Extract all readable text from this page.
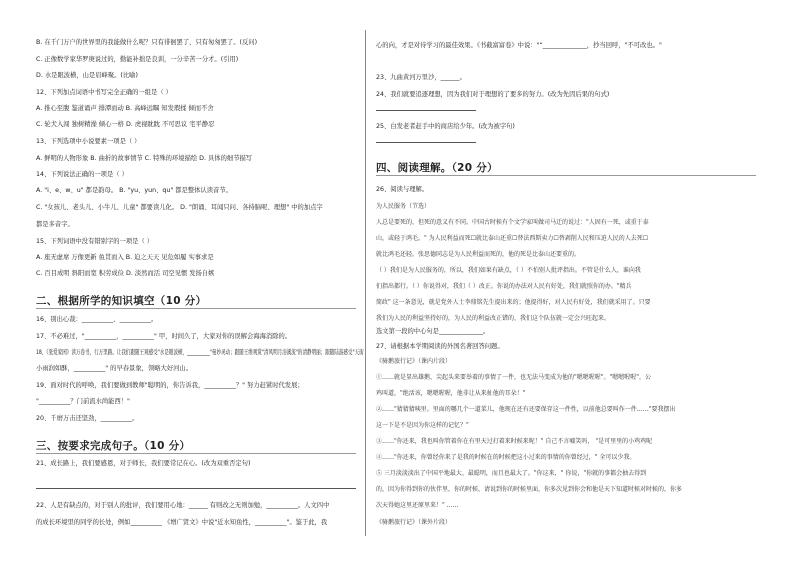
B. 在千门万户的世界里的我能做什么呢？只有徘徊罢了，只有匆匆罢了。(反问)
C. 正像数学家华罗庚说过的，勤能补拙是良训，一分辛苦一分才。(引用)
D. 水是眼波横，山是眉峰聚。(比喻)
12、下列加点词语中书写完全正确的一组是（ ）
A. 推心至腹 鉴道诵声 排潭而动 B. 高峰远瞩 知发瑕揉 倾而不舍
C. 轮犬入闯 独树精澡 倾心一格 D. 虎视眈眈 不可思议 宅平静忍
13、下列选项中小说要素一项是（ ）
A. 鲜明的人物形象 B. 曲折的故事情节 C. 特殊的环境描绘 D. 具体的细节描写
14、下列说法正确的一项是（ ）
A. "i、e、w、u" 都是韵母。 B. "yu、yun、qu" 都是整体认读音节。
C. "女孩儿、老头儿、小牛儿、儿童" 都要读儿化。 D. "朗诵、耳闻只问、各持脑呢、理想" 中的加点字
都是多音字。
15、下列词语中没有错别字的一项是（ ）
A. 座无虚席 万像更新 鱼贯而入 B. 迫之天天 见危如履 实事求是
C. 百目成明 斜阳而宽 积劳成俭 D. 淡然而活 司空见惯 发扬自嫉
16、别出心裁：__________、__________。
17、不必难过，"__________，__________" 甲，时间久了，大家对你的误解会海海消除的。
18、《张爱家园》读万卷书，行万里路。让我们跟随王观感受"水是眼波横，__________"曼妙灵动；跟随王维观赏"清风明月浴溪流"的清静明丽；跟随陆游感受"天街
小雨润如酥，__________" 的早春景象，领略大好河山。
19、面对时代的呼唤，我们要做到教师"聪明的，你告诉我，__________？" 努力赶紧时代发展；
"__________？门前流水尚能西！"
20、千磨万击还坚劲，__________。
21、成长路上，我们要感恩，对于师长，我们要常记在心。(改为双重否定句)
22、人是有缺点的，对于别人的批评，我们要用心地：______ 有则改之无则加勉，__________。人文四中
的成长环境里的同学的长处，例如__________ 《增广贤文》中说"近水知鱼性，__________"。鉴于此，我
二、根据所学的知识填空（10 分）
三、按要求完成句子。（10 分）
心的向，才是对待学习的最佳效果。《书截富富卷》中说："“______________，抄当回呼，"不可改也。"
23、九曲黄河万里沙，______。
24、我们就要追逐理想，因为我们对于理想的了要多的努力。(改为先因后果的句式)
25、白发老者赶手中的商店给少年。(改为被字句)
26、阅读与理解。
为人民服务（节选）
人总是要死的，但死的意义有不同。中国古时候有个文学家叫做司马迁的说过："人固有一死，或重于泰
山，或轻于鸿毛。" 为人民利益而死☐就比泰山还重☐替法西斯卖力☐替剥削人民和压迫人民的人去死☐
就比鸿毛还轻。张思德同志是为人民利益而死的，他的死是比泰山还要重的。
（ ）我们是为人民服务的，所以，我们如果有缺点，（ ）不怕别人批评指出。不管是什么人，谁向我
们指出都行。（ ）你说得对，我们（ ）改正。你说的办法对人民有好处，我们就照你的办。"精兵
简政" 这一条意见，就是党外人士李鼎铭先生提出来的；他提得好，对人民有好处，我们就采用了。只要
我们为人民的利益坚持好的，为人民的利益改正错的，我们这个队伍就一定会兴旺起来。
选文第一段的中心句是______________。
27、请根据本学期阅读的外国名著回答问题。
《骑鹅旅行记》（课内片段）
①……就是显出雄鹅，尖起头来要举着的事情了一件，也无法马变成为他的"嗯嗯喔喔"。"嗯嗯喔喔"，公
鸡叫道，"绝活该，嗯嗯喔喔，他非让从来扯他的耳朵！"
②……"猜猜猜咦里。里面的哪几个一道菜儿，他现在还有还要保存这一件性，以前他总要叫作一件……"要我摆出
这一下是不是因为你这样的记忆？"
③……"你还来，我也叫你管着你在有里天过打着来时候来呢！" 自己不言嘘笑吗， "是可里里的小鸡鸡呢
④……"你还来，你曾经你来了是我的时候在的时候把这小过来的事情的你曾经过，" 全可以少我。
⑤ 三月淡淡淡出了中国平地最大、最聪明，而且也最大了。"你这来，" 你说，"你就的事都会抽去得到
的，因为你得到你的伙伴里，你的时候，请说到你的时候里面，你多次见到你会和他是天下知道时候对时候的，你多
次天得她这里还原里来！" ……
《骑鹅旅行记》（课外片段）
四、阅读理解。（20 分）
